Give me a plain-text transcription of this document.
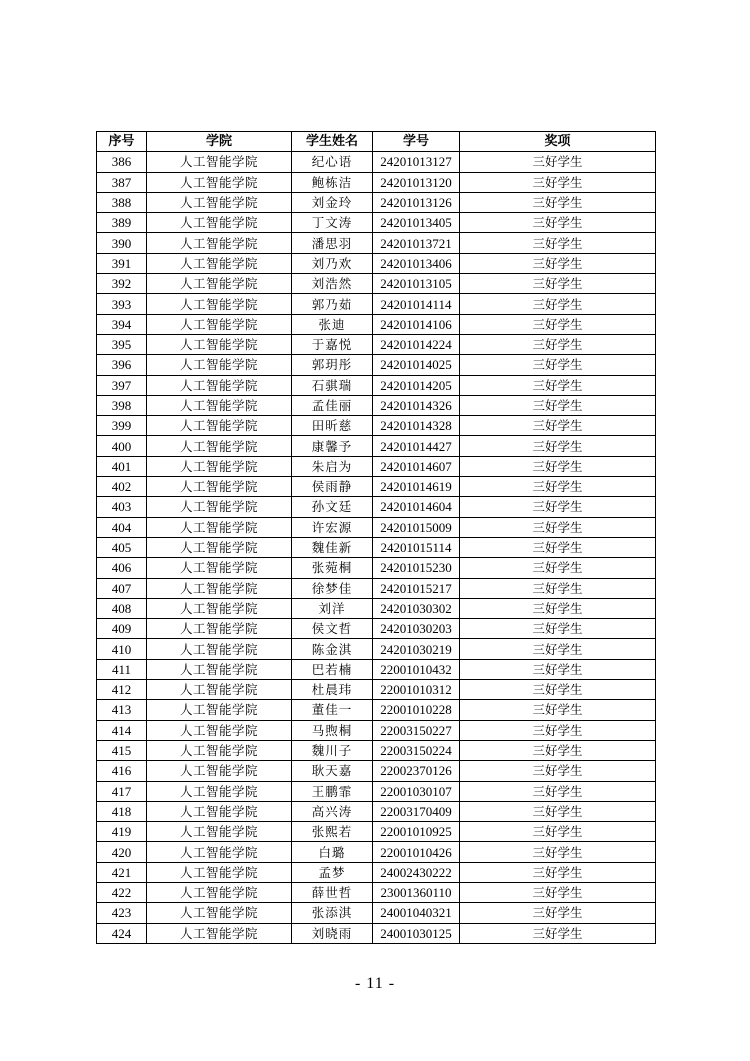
序号	学院	学生姓名	学号	奖项
386	人工智能学院	纪心语	24201013127	三好学生
387	人工智能学院	鲍栋洁	24201013120	三好学生
388	人工智能学院	刘金玲	24201013126	三好学生
389	人工智能学院	丁文涛	24201013405	三好学生
390	人工智能学院	潘思羽	24201013721	三好学生
391	人工智能学院	刘乃欢	24201013406	三好学生
392	人工智能学院	刘浩然	24201013105	三好学生
393	人工智能学院	郭乃茹	24201014114	三好学生
394	人工智能学院	张迪	24201014106	三好学生
395	人工智能学院	于嘉悦	24201014224	三好学生
396	人工智能学院	郭玥彤	24201014025	三好学生
397	人工智能学院	石骐瑞	24201014205	三好学生
398	人工智能学院	孟佳丽	24201014326	三好学生
399	人工智能学院	田昕慈	24201014328	三好学生
400	人工智能学院	康馨予	24201014427	三好学生
401	人工智能学院	朱启为	24201014607	三好学生
402	人工智能学院	侯雨静	24201014619	三好学生
403	人工智能学院	孙文廷	24201014604	三好学生
404	人工智能学院	许宏源	24201015009	三好学生
405	人工智能学院	魏佳新	24201015114	三好学生
406	人工智能学院	张菀桐	24201015230	三好学生
407	人工智能学院	徐梦佳	24201015217	三好学生
408	人工智能学院	刘洋	24201030302	三好学生
409	人工智能学院	侯文哲	24201030203	三好学生
410	人工智能学院	陈金淇	24201030219	三好学生
411	人工智能学院	巴若楠	22001010432	三好学生
412	人工智能学院	杜晨玮	22001010312	三好学生
413	人工智能学院	董佳一	22001010228	三好学生
414	人工智能学院	马煦桐	22003150227	三好学生
415	人工智能学院	魏川子	22003150224	三好学生
416	人工智能学院	耿天嘉	22002370126	三好学生
417	人工智能学院	王鹏霏	22001030107	三好学生
418	人工智能学院	高兴涛	22003170409	三好学生
419	人工智能学院	张熙若	22001010925	三好学生
420	人工智能学院	白璐	22001010426	三好学生
421	人工智能学院	孟梦	24002430222	三好学生
422	人工智能学院	薛世哲	23001360110	三好学生
423	人工智能学院	张添淇	24001040321	三好学生
424	人工智能学院	刘晓雨	24001030125	三好学生
- 11 -
